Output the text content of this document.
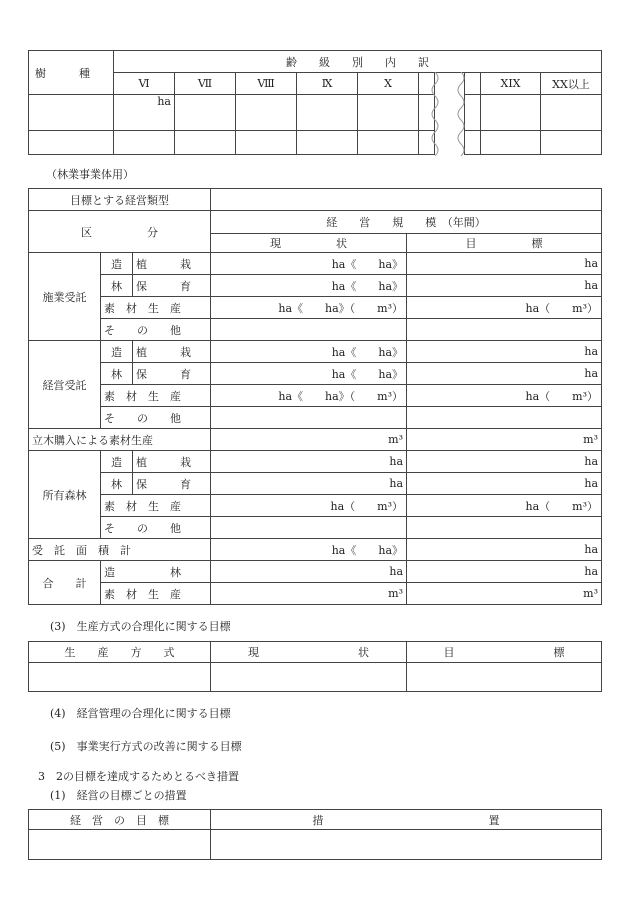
樹　　　種	齢　　級　　別　　内　　訳									
	Ⅵ	Ⅶ	Ⅷ	Ⅸ	Ⅹ				XIX	XX以上
	ha									

（林業事業体用）
目標とする経営類型				
区　　　　　分			経　　営　　規　　模　（年間）	
			現　　　　　状	目　　　　　標
施業受託	造	植　　　栽	ha《　　ha》	ha
	林	保　　　育	ha《　　ha》	ha
	素　材　生　産		ha《　　ha》（　　m³）	ha（　　m³）
	そ　　の　　他			
経営受託	造	植　　　栽	ha《　　ha》	ha
	林	保　　　育	ha《　　ha》	ha
	素　材　生　産		ha《　　ha》（　　m³）	ha（　　m³）
	そ　　の　　他			
立木購入による素材生産			m³	m³
所有森林	造	植　　　栽	ha	ha
	林	保　　　育	ha	ha
	素　材　生　産		ha（　　m³）	ha（　　m³）
	そ　　の　　他			
受　託　面　積　計			ha《　　ha》	ha
合　　計	造　　　　　林		ha	ha
	素　材　生　産		m³	m³
(3)　生産方式の合理化に関する目標
生　　産　　方　　式	現　　　　　　　　　状	目　　　　　　　　　標

(4)　経営管理の合理化に関する目標
(5)　事業実行方式の改善に関する目標
3　2の目標を達成するためとるべき措置
(1)　経営の目標ごとの措置
経　営　の　目　標	措　　　　　　　　　　　　　　　置
